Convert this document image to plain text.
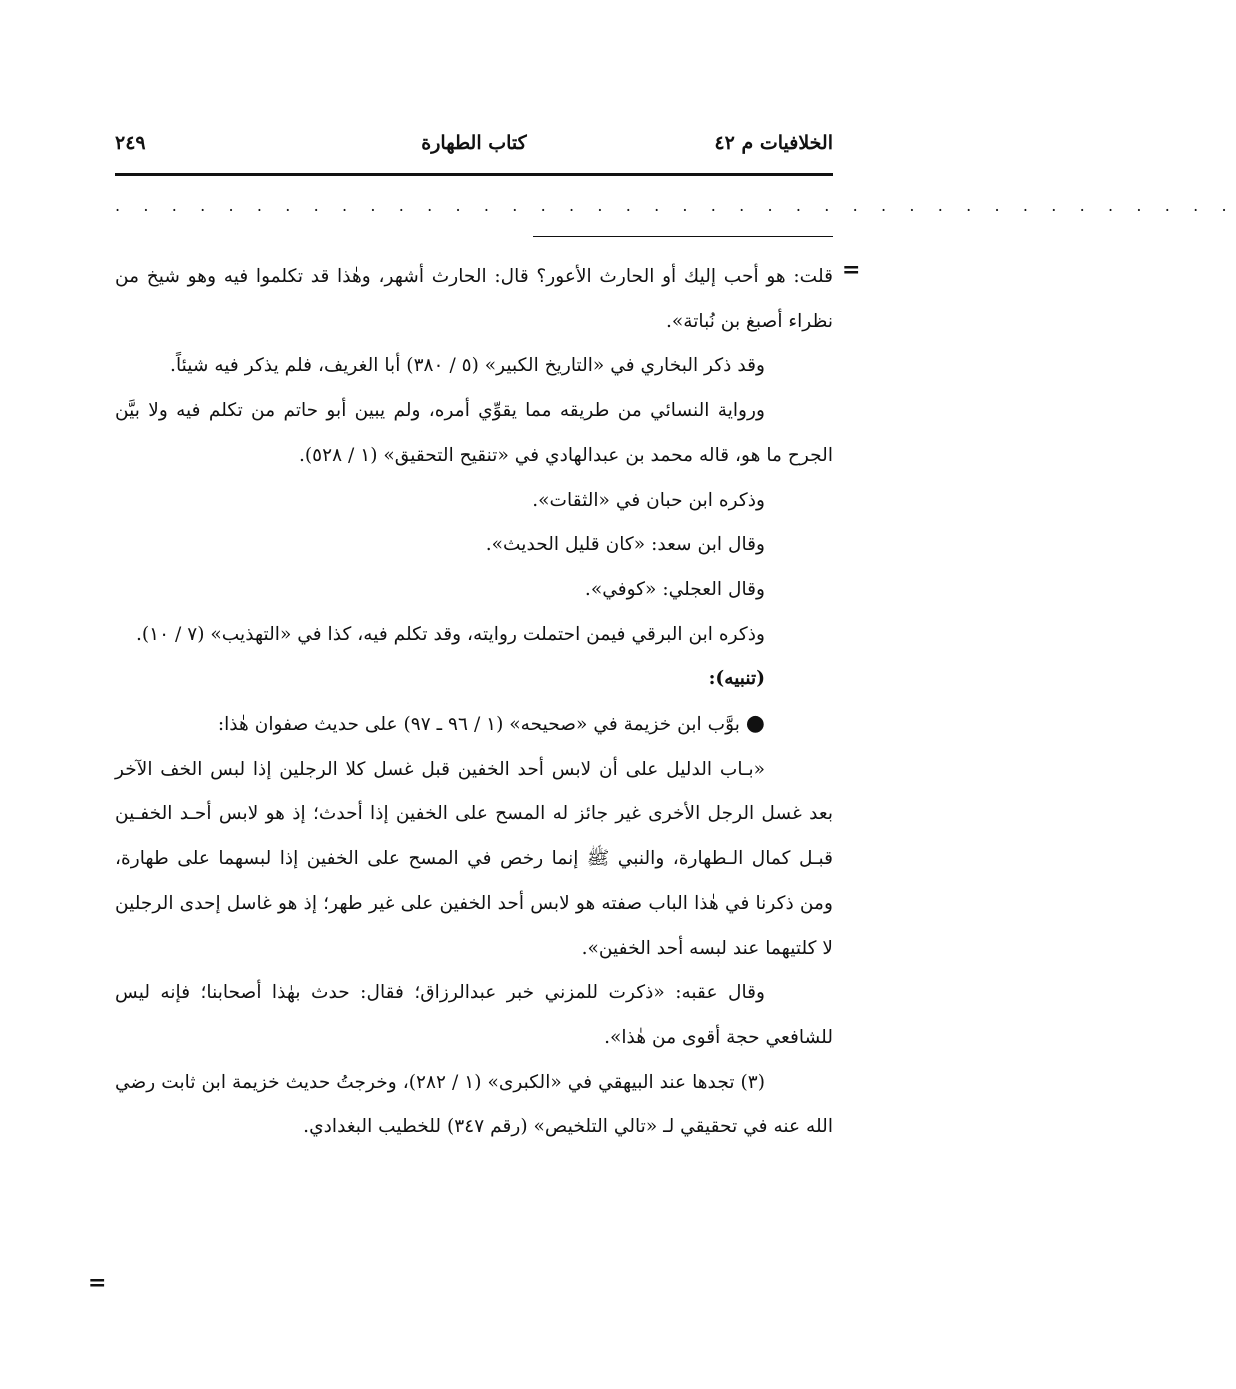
الخلافيات م ٤٢
كتاب الطهارة
٢٤٩
. . . . . . . . . . . . . . . . . . . . . . . . . . . . . . . . . . . . . . . .
=
=

قلت: هو أحب إليك أو الحارث الأعور؟ قال: الحارث أشهر، وهٰذا قد تكلموا فيه وهو شيخ من نظراء أصبغ بن نُباتة».

وقد ذكر البخاري في «التاريخ الكبير» (٥ / ٣٨٠) أبا الغريف، فلم يذكر فيه شيئاً.

ورواية النسائي من طريقه مما يقوِّي أمره، ولم يبين أبو حاتم من تكلم فيه ولا بيَّن الجرح ما هو، قاله محمد بن عبدالهادي في «تنقيح التحقيق» (١ / ٥٢٨).

وذكره ابن حبان في «الثقات».

وقال ابن سعد: «كان قليل الحديث».

وقال العجلي: «كوفي».

وذكره ابن البرقي فيمن احتملت روايته، وقد تكلم فيه، كذا في «التهذيب» (٧ / ١٠).

(تنبيه):

● بوَّب ابن خزيمة في «صحيحه» (١ / ٩٦ ـ ٩٧) على حديث صفوان هٰذا:

«بـاب الدليل على أن لابس أحد الخفين قبل غسل كلا الرجلين إذا لبس الخف الآخر بعد غسل الرجل الأخرى غير جائز له المسح على الخفين إذا أحدث؛ إذ هو لابس أحـد الخفـين قبـل كمال الـطهارة، والنبي ﷺ إنما رخص في المسح على الخفين إذا لبسهما على طهارة، ومن ذكرنا في هٰذا الباب صفته هو لابس أحد الخفين على غير طهر؛ إذ هو غاسل إحدى الرجلين لا كلتيهما عند لبسه أحد الخفين».

وقال عقبه: «ذكرت للمزني خبر عبدالرزاق؛ فقال: حدث بهٰذا أصحابنا؛ فإنه ليس للشافعي حجة أقوى من هٰذا».

(٣) تجدها عند البيهقي في «الكبرى» (١ / ٢٨٢)، وخرجتُ حديث خزيمة ابن ثابت رضي الله عنه في تحقيقي لـ «تالي التلخيص» (رقم ٣٤٧) للخطيب البغدادي.
